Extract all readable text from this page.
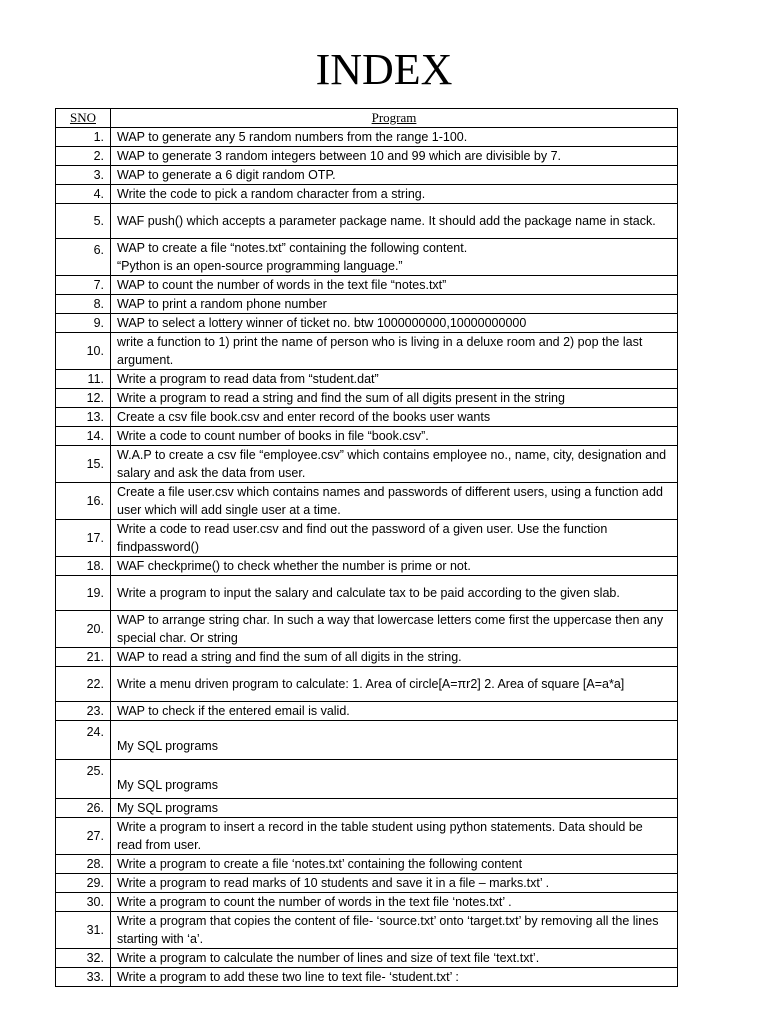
INDEX
SNO	Program
1.	WAP to generate any 5 random numbers from the range 1-100.
2.	WAP to generate 3 random integers between 10 and 99 which are divisible by 7.
3.	WAP to generate a 6 digit random OTP.
4.	Write the code to pick a random character from a string.
5.	WAF push() which accepts a parameter package name. It should add the package name in stack.
6.	WAP to create a file “notes.txt” containing the following content.
“Python is an open-source programming language.”
7.	WAP to count the number of words in the text file “notes.txt”
8.	WAP to print a random phone number
9.	WAP to select a lottery winner of ticket no. btw 1000000000,10000000000
10.	write a function to 1) print the name of person who is living in a deluxe room and 2) pop the last argument.
11.	Write a program to read data from “student.dat”
12.	Write a program to read a string and find the sum of all digits present in the string
13.	Create a csv file book.csv and enter record of the books user wants
14.	Write a code to count number of books in file “book.csv”.
15.	W.A.P to create a csv file “employee.csv” which contains employee no., name, city, designation and salary and ask the data from user.
16.	Create a file user.csv which contains names and passwords of different users, using a function add user which will add single user at a time.
17.	Write a code to read user.csv and find out the password of a given user. Use the function findpassword()
18.	WAF checkprime() to check whether the number is prime or not.
19.	Write a program to input the salary and calculate tax to be paid according to the given slab.
20.	WAP to arrange string char. In such a way that lowercase letters come first the uppercase then any special char. Or string
21.	WAP to read a string and find the sum of all digits in the string.
22.	Write a menu driven program to calculate: 1. Area of circle[A=πr2] 2. Area of square [A=a*a]
23.	WAP to check if the entered email is valid.
24.	My SQL programs
25.	My SQL programs
26.	My SQL programs
27.	Write a program to insert a record in the table student using python statements. Data should be read from user.
28.	Write a program to create a file ‘notes.txt’ containing the following content
29.	Write a program to read marks of 10 students and save it in a file – marks.txt’ .
30.	Write a program to count the number of words in the text file ‘notes.txt’ .
31.	Write a program that copies the content of file- ‘source.txt’ onto ‘target.txt’ by removing all the lines starting with ‘a’.
32.	Write a program to calculate the number of lines and size of text file ‘text.txt’.
33.	Write a program to add these two line to text file- ‘student.txt’ :
